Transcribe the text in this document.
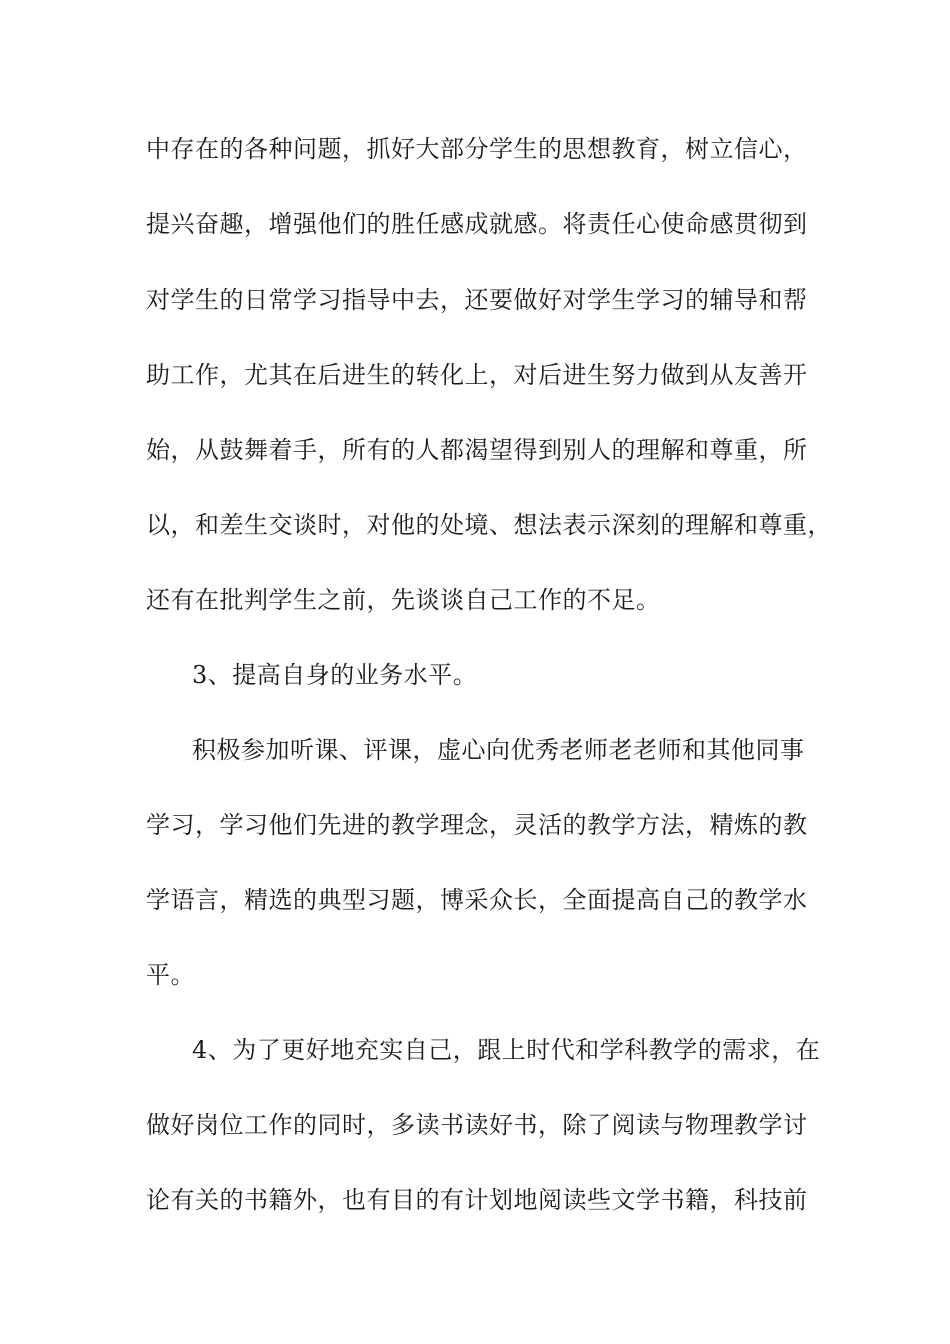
中存在的各种问题，抓好大部分学生的思想教育，树立信心，
提兴奋趣，增强他们的胜任感成就感。将责任心使命感贯彻到
对学生的日常学习指导中去，还要做好对学生学习的辅导和帮
助工作，尤其在后进生的转化上，对后进生努力做到从友善开
始，从鼓舞着手，所有的人都渴望得到别人的理解和尊重，所
以，和差生交谈时，对他的处境、想法表示深刻的理解和尊重，
还有在批判学生之前，先谈谈自己工作的不足。
3、提高自身的业务水平。
积极参加听课、评课，虚心向优秀老师老老师和其他同事
学习，学习他们先进的教学理念，灵活的教学方法，精炼的教
学语言，精选的典型习题，博采众长，全面提高自己的教学水
平。
4、为了更好地充实自己，跟上时代和学科教学的需求，在
做好岗位工作的同时，多读书读好书，除了阅读与物理教学讨
论有关的书籍外，也有目的有计划地阅读些文学书籍，科技前
